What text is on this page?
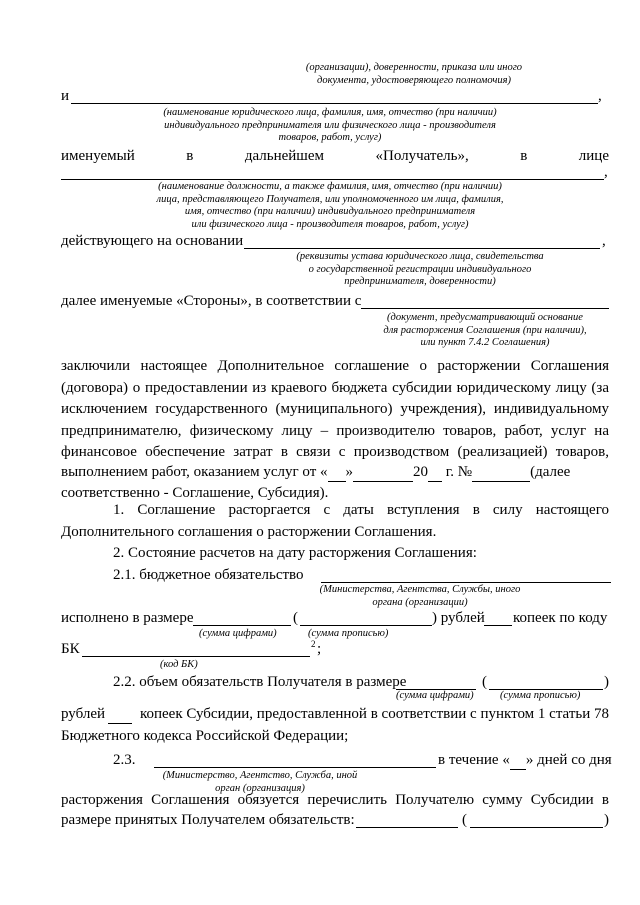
(организации), доверенности, приказа или иного
документа, удостоверяющего полномочия)
и	,
(наименование юридического лица, фамилия, имя, отчество (при наличии)
индивидуального предпринимателя или физического лица - производителя
товаров, работ, услуг)
именуемый	в	дальнейшем	«Получатель»,	в	лице
,
(наименование должности, а также фамилия, имя, отчество (при наличии)
лица, представляющего Получателя, или уполномоченного им лица, фамилия,
имя, отчество (при наличии) индивидуального предпринимателя
или физического лица - производителя товаров, работ, услуг)
действующего на основании	,
(реквизиты устава юридического лица, свидетельства
о государственной регистрации индивидуального
предпринимателя, доверенности)
далее именуемые «Стороны», в соответствии с
(документ, предусматривающий основание
для расторжения Соглашения (при наличии),
или пункт 7.4.2 Соглашения)
заключили настоящее Дополнительное соглашение о расторжении Соглашения
(договора) о предоставлении из краевого бюджета субсидии юридическому лицу (за
исключением государственного (муниципального) учреждения), индивидуальному
предпринимателю, физическому лицу – производителю товаров, работ, услуг на
финансовое обеспечение затрат в связи с производством (реализацией) товаров,
выполнением работ, оказанием услуг от « »	20  г. №	(далее
соответственно - Соглашение, Субсидия).
1. Соглашение расторгается с даты вступления в силу настоящего
Дополнительного соглашения о расторжении Соглашения.
2. Состояние расчетов на дату расторжения Соглашения:
2.1. бюджетное обязательство
(Министерства, Агентства, Службы, иного
органа (организации)
исполнено в размере	(	) рублей копеек по коду
(сумма цифрами)	(сумма прописью)
БК	2 ;
(код БК)
2.2. объем обязательств Получателя в размере	(	)
(сумма цифрами)	(сумма прописью)
рублей	копеек Субсидии, предоставленной в соответствии с пунктом 1 статьи 78
Бюджетного кодекса Российской Федерации;
2.3.	в течение « » дней со дня
(Министерство, Агентство, Служба, иной
орган (организация)
расторжения Соглашения обязуется перечислить Получателю сумму Субсидии в
размере принятых Получателем обязательств:	(	)
